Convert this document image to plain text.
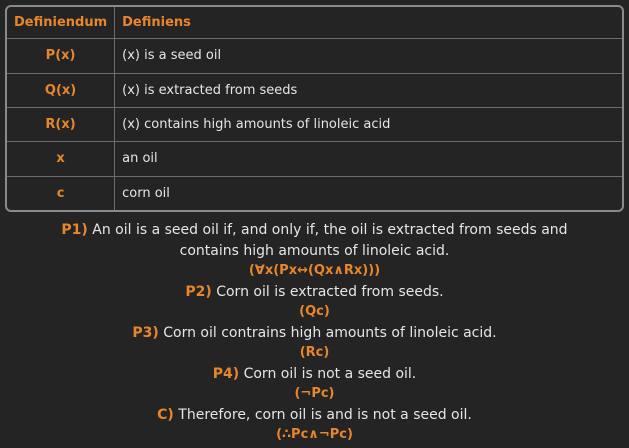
Definiendum	Definiens
P(x)	(x) is a seed oil
Q(x)	(x) is extracted from seeds
R(x)	(x) contains high amounts of linoleic acid
x	an oil
c	corn oil

P1) An oil is a seed oil if, and only if, the oil is extracted from seeds and

contains high amounts of linoleic acid.

(∀x(Px↔(Qx∧Rx)))

P2) Corn oil is extracted from seeds.

(Qc)

P3) Corn oil contrains high amounts of linoleic acid.

(Rc)

P4) Corn oil is not a seed oil.

(¬Pc)

C) Therefore, corn oil is and is not a seed oil.

(∴Pc∧¬Pc)
